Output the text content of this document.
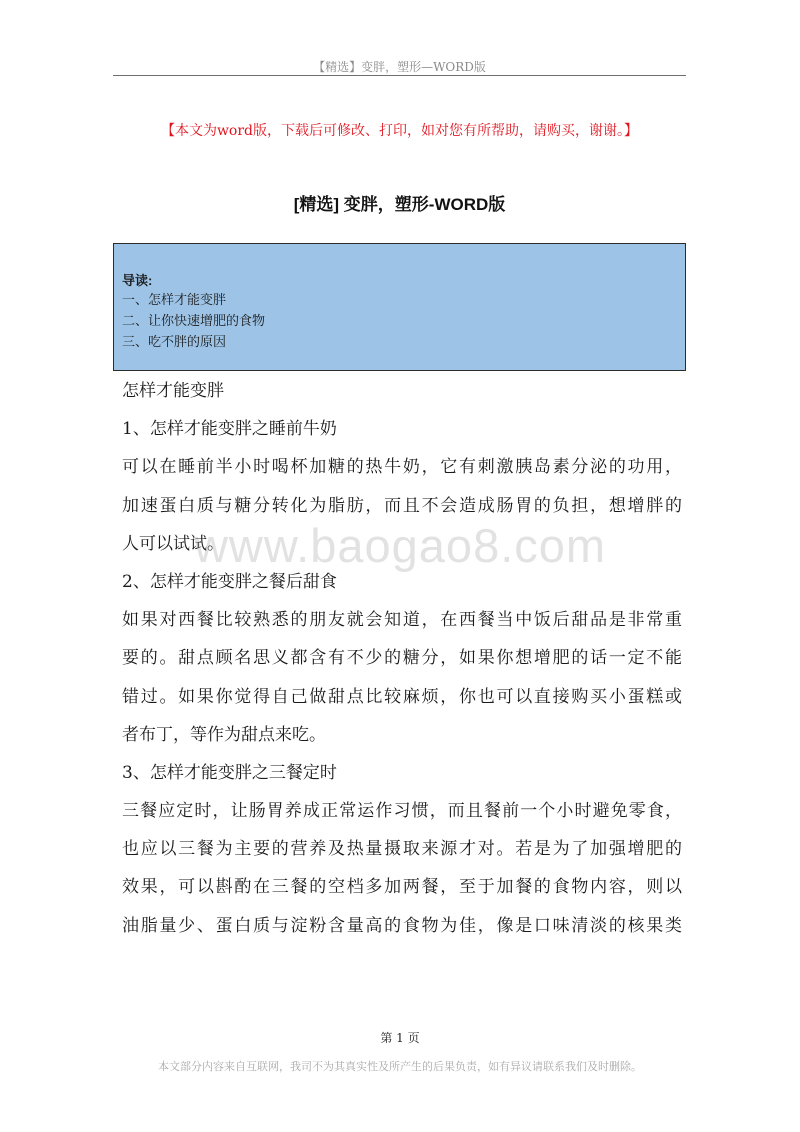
【精选】变胖，塑形—WORD版
【本文为word版，下载后可修改、打印，如对您有所帮助，请购买，谢谢。】
[精选] 变胖，塑形-WORD版
导读:
一、怎样才能变胖
二、让你快速增肥的食物
三、吃不胖的原因
怎样才能变胖
1、怎样才能变胖之睡前牛奶
可以在睡前半小时喝杯加糖的热牛奶，它有刺激胰岛素分泌的功用，
加速蛋白质与糖分转化为脂肪，而且不会造成肠胃的负担，想增胖的
人可以试试。
2、怎样才能变胖之餐后甜食
如果对西餐比较熟悉的朋友就会知道，在西餐当中饭后甜品是非常重
要的。甜点顾名思义都含有不少的糖分，如果你想增肥的话一定不能
错过。如果你觉得自己做甜点比较麻烦，你也可以直接购买小蛋糕或
者布丁，等作为甜点来吃。
3、怎样才能变胖之三餐定时
三餐应定时，让肠胃养成正常运作习惯，而且餐前一个小时避免零食，
也应以三餐为主要的营养及热量摄取来源才对。若是为了加强增肥的
效果，可以斟酌在三餐的空档多加两餐，至于加餐的食物内容，则以
油脂量少、蛋白质与淀粉含量高的食物为佳，像是口味清淡的核果类
www.baogao8.com
第 1 页
本文部分内容来自互联网，我司不为其真实性及所产生的后果负责，如有异议请联系我们及时删除。
